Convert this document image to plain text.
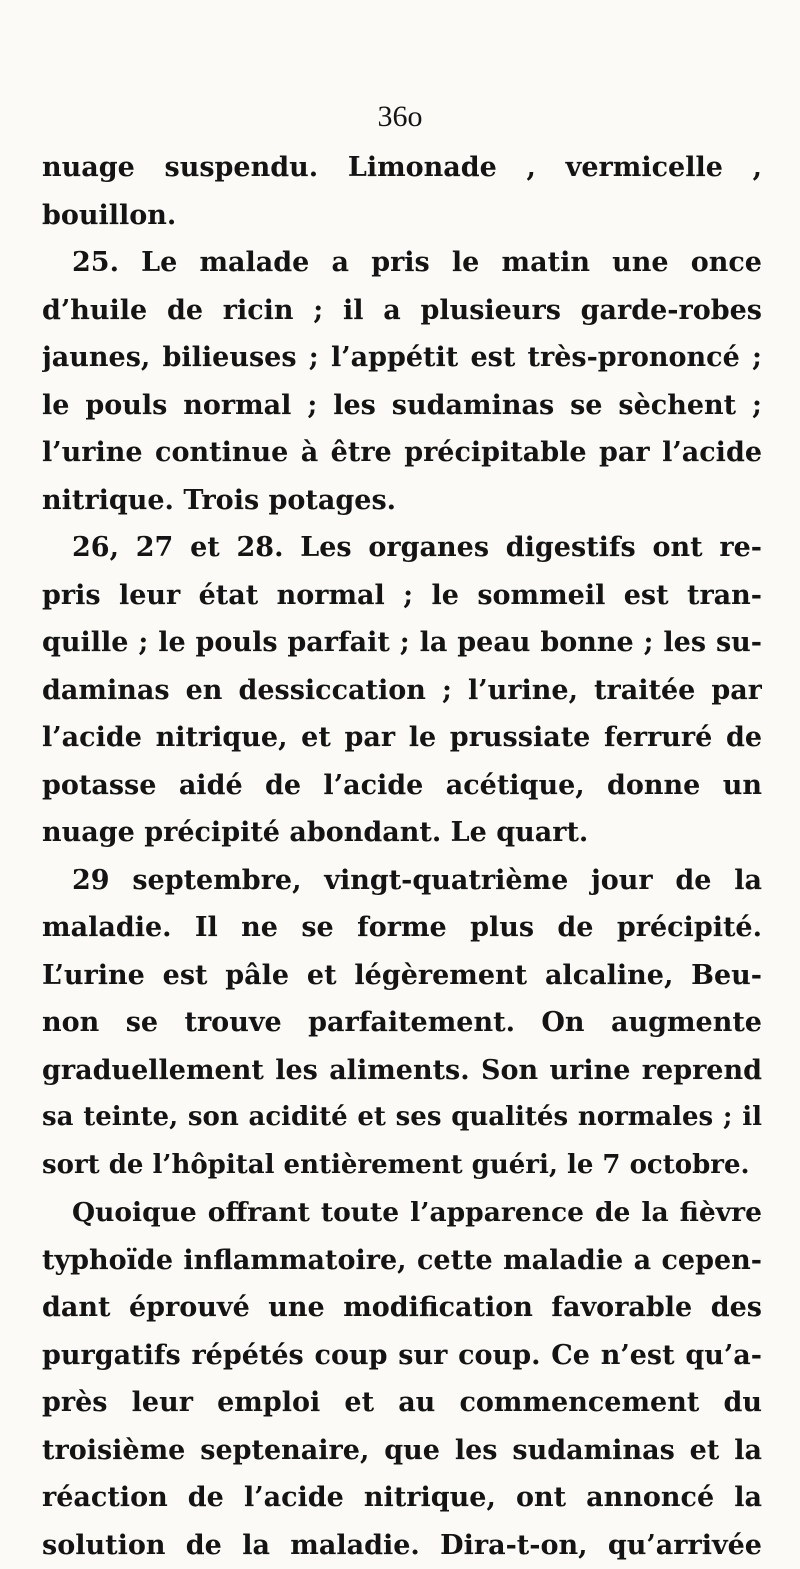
36o
nuage suspendu. Limonade , vermicelle ,
bouillon.
25. Le malade a pris le matin une once
d’huile de ricin ; il a plusieurs garde-robes
jaunes, bilieuses ; l’appétit est très-prononcé ;
le pouls normal ; les sudaminas se sèchent ;
l’urine continue à être précipitable par l’acide
nitrique. Trois potages.
26, 27 et 28. Les organes digestifs ont re-
pris leur état normal ; le sommeil est tran-
quille ; le pouls parfait ; la peau bonne ; les su-
daminas en dessiccation ; l’urine, traitée par
l’acide nitrique, et par le prussiate ferruré de
potasse aidé de l’acide acétique, donne un
nuage précipité abondant. Le quart.
29 septembre, vingt-quatrième jour de la
maladie. Il ne se forme plus de précipité.
L’urine est pâle et légèrement alcaline, Beu-
non se trouve parfaitement. On augmente
graduellement les aliments. Son urine reprend
sa teinte, son acidité et ses qualités normales ; il
sort de l’hôpital entièrement guéri, le 7 octobre.
Quoique offrant toute l’apparence de la fièvre
typhoïde inflammatoire, cette maladie a cepen-
dant éprouvé une modification favorable des
purgatifs répétés coup sur coup. Ce n’est qu’a-
près leur emploi et au commencement du
troisième septenaire, que les sudaminas et la
réaction de l’acide nitrique, ont annoncé la
solution de la maladie. Dira-t-on, qu’arrivée
